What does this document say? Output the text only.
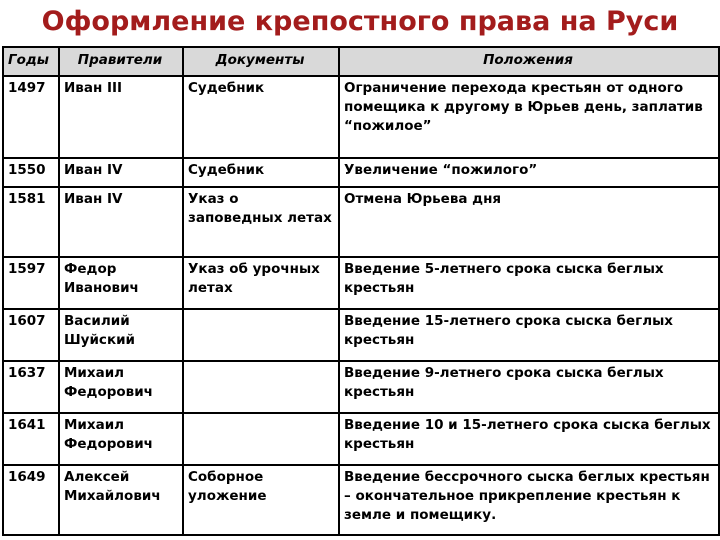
Оформление крепостного права на Руси
Годы	Правители	Документы	Положения
1497	Иван III	Судебник	Ограничение перехода крестьян от одного помещика к другому в Юрьев день, заплатив “пожилое”
1550	Иван IV	Судебник	Увеличение “пожилого”
1581	Иван IV	Указ о заповедных летах	Отмена Юрьева дня
1597	Федор Иванович	Указ об урочных летах	Введение 5-летнего срока сыска беглых крестьян
1607	Василий Шуйский		Введение 15-летнего срока сыска беглых крестьян
1637	Михаил Федорович		Введение 9-летнего срока сыска беглых крестьян
1641	Михаил Федорович		Введение 10 и 15-летнего срока сыска беглых крестьян
1649	Алексей Михайлович	Соборное уложение	Введение бессрочного сыска беглых крестьян – окончательное прикрепление крестьян к земле и помещику.
